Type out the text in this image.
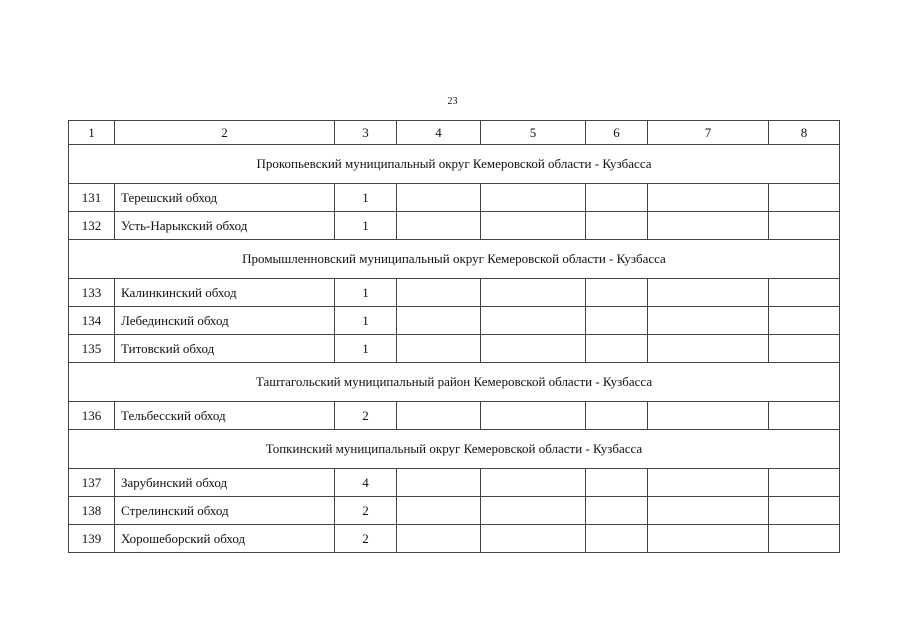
23
1	2	3	4	5	6	7	8
Прокопьевский муниципальный округ Кемеровской области - Кузбасса							
131	Терешский обход	1					
132	Усть-Нарыкский обход	1					
Промышленновский муниципальный округ Кемеровской области - Кузбасса							
133	Калинкинский обход	1					
134	Лебединский обход	1					
135	Титовский обход	1					
Таштагольский муниципальный район Кемеровской области - Кузбасса							
136	Тельбесский обход	2					
Топкинский муниципальный округ Кемеровской области - Кузбасса							
137	Зарубинский обход	4					
138	Стрелинский обход	2					
139	Хорошеборский обход	2					
